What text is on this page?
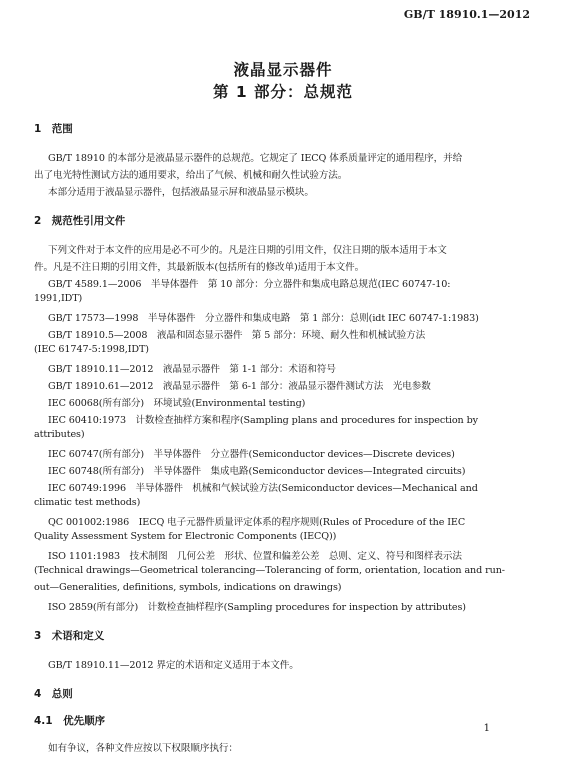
GB/T 18910.1—2012
液晶显示器件
第 1 部分：总规范
1　范围
GB/T 18910 的本部分是液晶显示器件的总规范。它规定了 IECQ 体系质量评定的通用程序，并给
出了电光特性测试方法的通用要求，给出了气候、机械和耐久性试验方法。
本部分适用于液晶显示器件，包括液晶显示屏和液晶显示模块。
2　规范性引用文件
下列文件对于本文件的应用是必不可少的。凡是注日期的引用文件，仅注日期的版本适用于本文
件。凡是不注日期的引用文件，其最新版本(包括所有的修改单)适用于本文件。
GB/T 4589.1—2006　半导体器件　第 10 部分：分立器件和集成电路总规范(IEC 60747-10:
1991,IDT)
GB/T 17573—1998　半导体器件　分立器件和集成电路　第 1 部分：总则(idt IEC 60747-1:1983)
GB/T 18910.5—2008　液晶和固态显示器件　第 5 部分：环境、耐久性和机械试验方法
(IEC 61747-5:1998,IDT)
GB/T 18910.11—2012　液晶显示器件　第 1-1 部分：术语和符号
GB/T 18910.61—2012　液晶显示器件　第 6-1 部分：液晶显示器件测试方法　光电参数
IEC 60068(所有部分)　环境试验(Environmental testing)
IEC 60410:1973　计数检查抽样方案和程序(Sampling plans and procedures for inspection by
attributes)
IEC 60747(所有部分)　半导体器件　分立器件(Semiconductor devices—Discrete devices)
IEC 60748(所有部分)　半导体器件　集成电路(Semiconductor devices—Integrated circuits)
IEC 60749:1996　半导体器件　机械和气候试验方法(Semiconductor devices—Mechanical and
climatic test methods)
QC 001002:1986　IECQ 电子元器件质量评定体系的程序规则(Rules of Procedure of the IEC
Quality Assessment System for Electronic Components (IECQ))
ISO 1101:1983　技术制图　几何公差　形状、位置和偏差公差　总则、定义、符号和图样表示法
(Technical drawings—Geometrical tolerancing—Tolerancing of form, orientation, location and run-
out—Generalities, definitions, symbols, indications on drawings)
ISO 2859(所有部分)　计数检查抽样程序(Sampling procedures for inspection by attributes)
3　术语和定义
GB/T 18910.11—2012 界定的术语和定义适用于本文件。
4　总则
4.1　优先顺序
如有争议，各种文件应按以下权限顺序执行：
1
